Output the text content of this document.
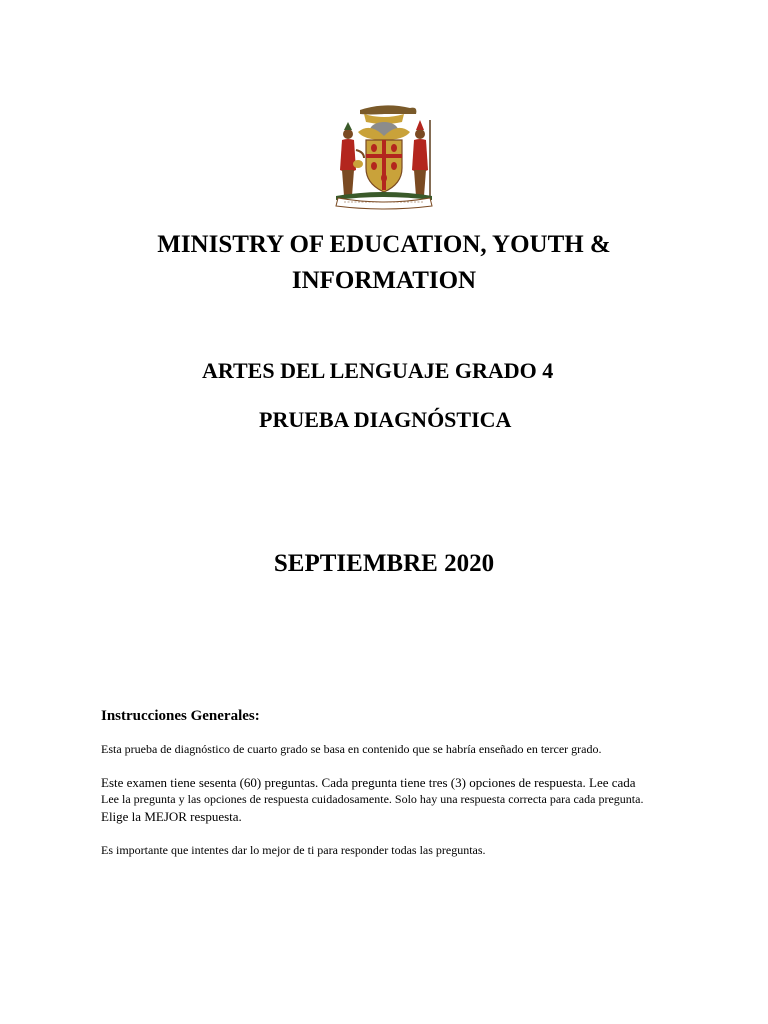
MINISTRY OF EDUCATION, YOUTH &
INFORMATION
ARTES DEL LENGUAJE GRADO 4
PRUEBA DIAGNÓSTICA
SEPTIEMBRE 2020
Instrucciones Generales:
Esta prueba de diagnóstico de cuarto grado se basa en contenido que se habría enseñado en tercer grado.
Este examen tiene sesenta (60) preguntas. Cada pregunta tiene tres (3) opciones de respuesta. Lee cada
Lee la pregunta y las opciones de respuesta cuidadosamente. Solo hay una respuesta correcta para cada pregunta.
Elige la MEJOR respuesta.
Es importante que intentes dar lo mejor de ti para responder todas las preguntas.
